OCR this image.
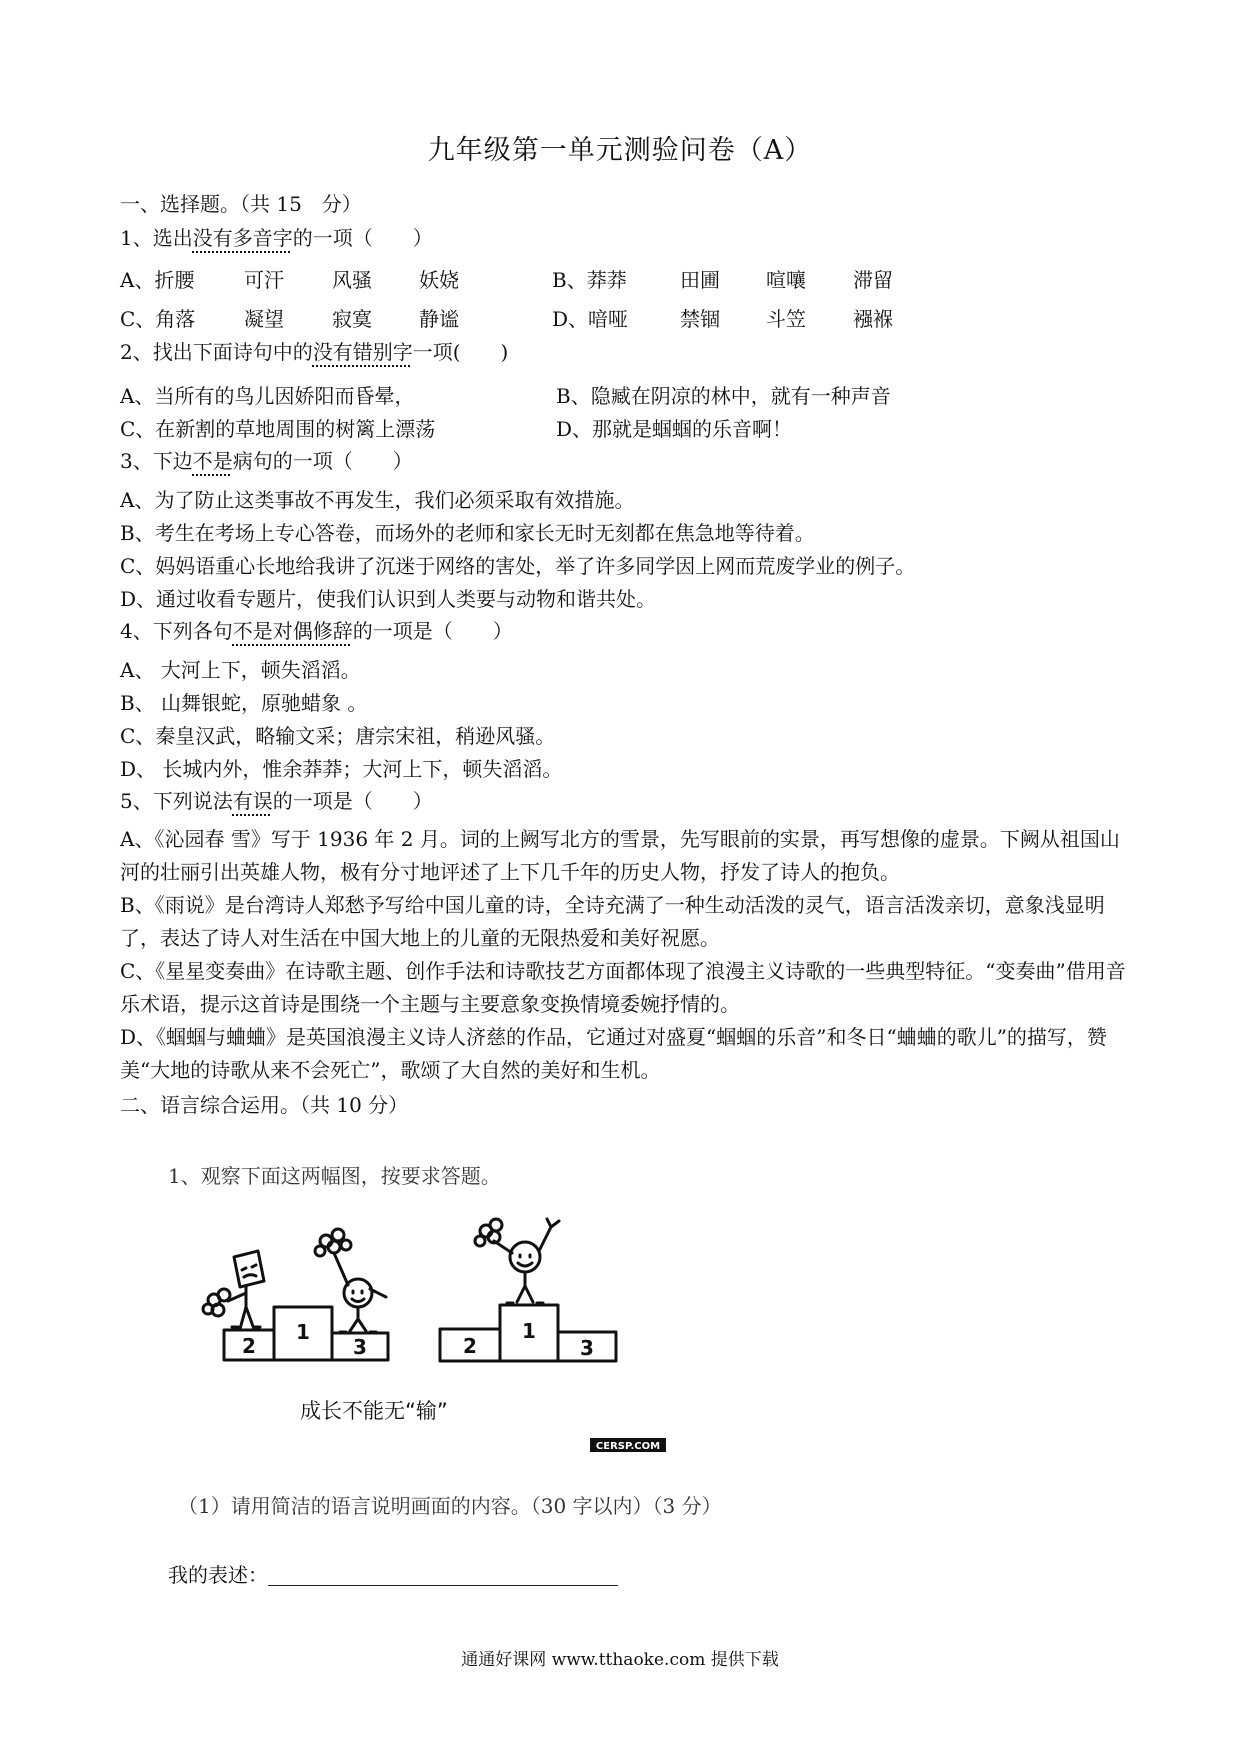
九年级第一单元测验问卷（A）
一、选择题。（共 15　分）
1、选出没有多音字的一项（　　）
A、折腰 可汗 风骚 妖娆	B、莽莽	田圃 喧嚷 滞留
C、角落 凝望 寂寞 静谧	D、喑哑	禁锢 斗笠 襁褓
2、找出下面诗句中的没有错别字一项(　　)
A、当所有的鸟儿因娇阳而昏晕，	B、隐臧在阴凉的林中，就有一种声音
C、在新割的草地周围的树篱上漂荡	D、那就是蝈蝈的乐音啊！
3、下边不是病句的一项（　　）
A、为了防止这类事故不再发生，我们必须采取有效措施。
B、考生在考场上专心答卷，而场外的老师和家长无时无刻都在焦急地等待着。
C、妈妈语重心长地给我讲了沉迷于网络的害处，举了许多同学因上网而荒废学业的例子。
D、通过收看专题片，使我们认识到人类要与动物和谐共处。
4、下列各句不是对偶修辞的一项是（　　）
A、 大河上下，顿失滔滔。
B、 山舞银蛇，原驰蜡象 。
C、秦皇汉武，略输文采；唐宗宋祖，稍逊风骚。
D、 长城内外，惟余莽莽；大河上下，顿失滔滔。
5、下列说法有误的一项是（　　）
A、《沁园春 雪》写于 1936 年 2 月。词的上阙写北方的雪景，先写眼前的实景，再写想像的虚景。下阙从祖国山河的壮丽引出英雄人物，极有分寸地评述了上下几千年的历史人物，抒发了诗人的抱负。
B、《雨说》是台湾诗人郑愁予写给中国儿童的诗，全诗充满了一种生动活泼的灵气，语言活泼亲切，意象浅显明了，表达了诗人对生活在中国大地上的儿童的无限热爱和美好祝愿。
C、《星星变奏曲》在诗歌主题、创作手法和诗歌技艺方面都体现了浪漫主义诗歌的一些典型特征。“变奏曲”借用音乐术语，提示这首诗是围绕一个主题与主要意象变换情境委婉抒情的。
D、《蝈蝈与蛐蛐》是英国浪漫主义诗人济慈的作品，它通过对盛夏“蝈蝈的乐音”和冬日“蛐蛐的歌儿”的描写，赞美“大地的诗歌从来不会死亡”，歌颂了大自然的美好和生机。
二、语言综合运用。（共 10 分）
1、观察下面这两幅图，按要求答题。
2
1
3	2
1
3
成长不能无“输”
CERSP.COM
（1）请用简洁的语言说明画面的内容。（30 字以内）（3 分）
我的表述：
通通好课网 www.tthaoke.com 提供下载
